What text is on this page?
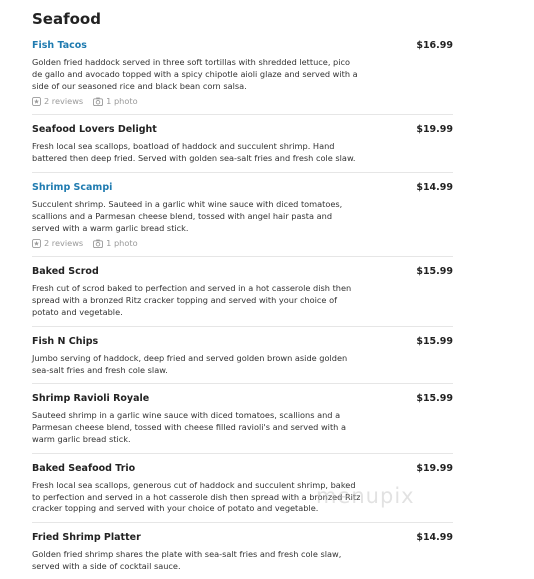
Seafood
Fish Tacos	$16.99

Golden fried haddock served in three soft tortillas with shredded lettuce, pico de gallo and avocado topped with a spicy chipotle aioli glaze and served with a side of our seasoned rice and black bean corn salsa.

2 reviews	1 photo
Seafood Lovers Delight	$19.99

Fresh local sea scallops, boatload of haddock and succulent shrimp. Hand battered then deep fried. Served with golden sea-salt fries and fresh cole slaw.

Shrimp Scampi	$14.99

Succulent shrimp. Sauteed in a garlic whit wine sauce with diced tomatoes, scallions and a Parmesan cheese blend, tossed with angel hair pasta and served with a warm garlic bread stick.

2 reviews	1 photo
Baked Scrod	$15.99

Fresh cut of scrod baked to perfection and served in a hot casserole dish then spread with a bronzed Ritz cracker topping and served with your choice of potato and vegetable.

Fish N Chips	$15.99

Jumbo serving of haddock, deep fried and served golden brown aside golden sea-salt fries and fresh cole slaw.

Shrimp Ravioli Royale	$15.99

Sauteed shrimp in a garlic wine sauce with diced tomatoes, scallions and a Parmesan cheese blend, tossed with cheese filled ravioli's and served with a warm garlic bread stick.

Baked Seafood Trio	$19.99

Fresh local sea scallops, generous cut of haddock and succulent shrimp, baked to perfection and served in a hot casserole dish then spread with a bronzed Ritz cracker topping and served with your choice of potato and vegetable.

Fried Shrimp Platter	$14.99

Golden fried shrimp shares the plate with sea-salt fries and fresh cole slaw, served with a side of cocktail sauce.

menupix
